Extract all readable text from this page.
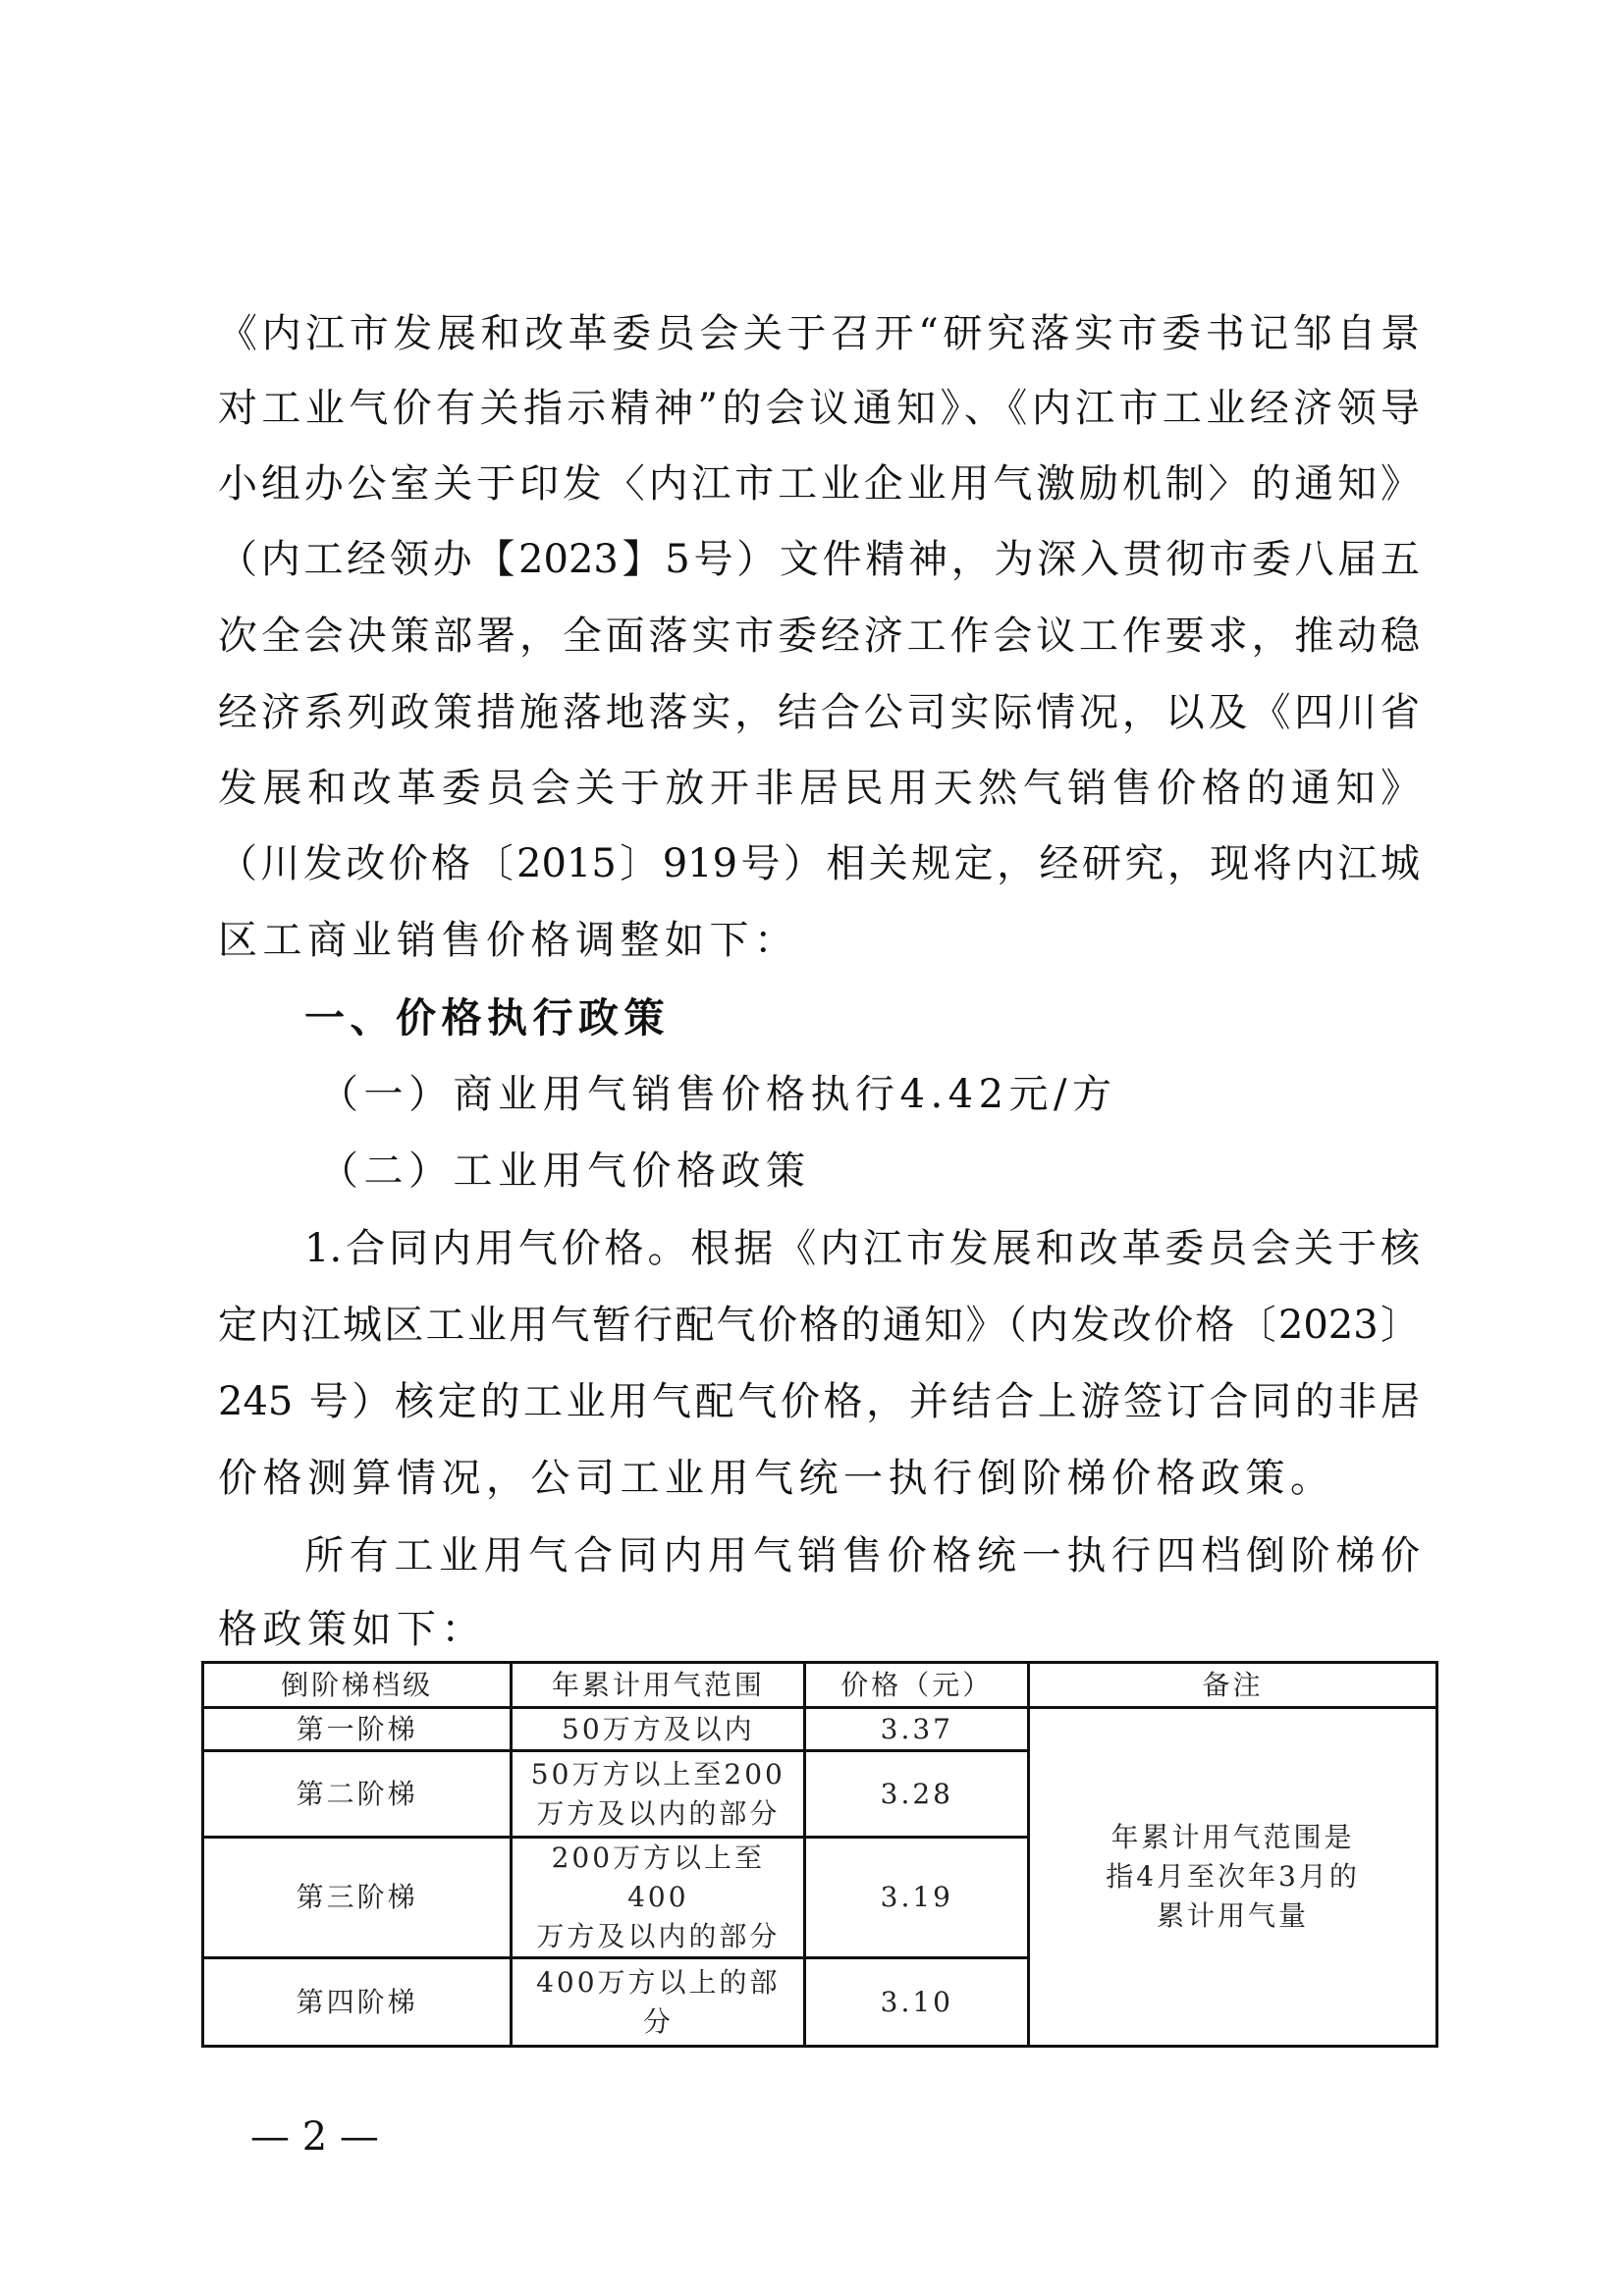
《内江市发展和改革委员会关于召开“研究落实市委书记邹自景
对工业气价有关指示精神”的会议通知》、《内江市工业经济领导
小组办公室关于印发〈内江市工业企业用气激励机制〉的通知》
（内工经领办【2023】5号）文件精神，为深入贯彻市委八届五
次全会决策部署，全面落实市委经济工作会议工作要求，推动稳
经济系列政策措施落地落实，结合公司实际情况，以及《四川省
发展和改革委员会关于放开非居民用天然气销售价格的通知》
（川发改价格〔2015〕919号）相关规定，经研究，现将内江城
区工商业销售价格调整如下：
一、价格执行政策
（一）商业用气销售价格执行4.42元/方
（二）工业用气价格政策
1.合同内用气价格。根据《内江市发展和改革委员会关于核
定内江城区工业用气暂行配气价格的通知》（内发改价格〔2023〕
245 号）核定的工业用气配气价格，并结合上游签订合同的非居
价格测算情况，公司工业用气统一执行倒阶梯价格政策。
所有工业用气合同内用气销售价格统一执行四档倒阶梯价
格政策如下：
倒阶梯档级	年累计用气范围	价格（元）	备注
第一阶梯	50万方及以内	3.37	年累计用气范围是
指4月至次年3月的
累计用气量

第二阶梯	50万方以上至200
万方及以内的部分	3.28	
第三阶梯	200万方以上至400
万方及以内的部分	3.19	
第四阶梯	400万方以上的部
分	3.10	
— 2 —
